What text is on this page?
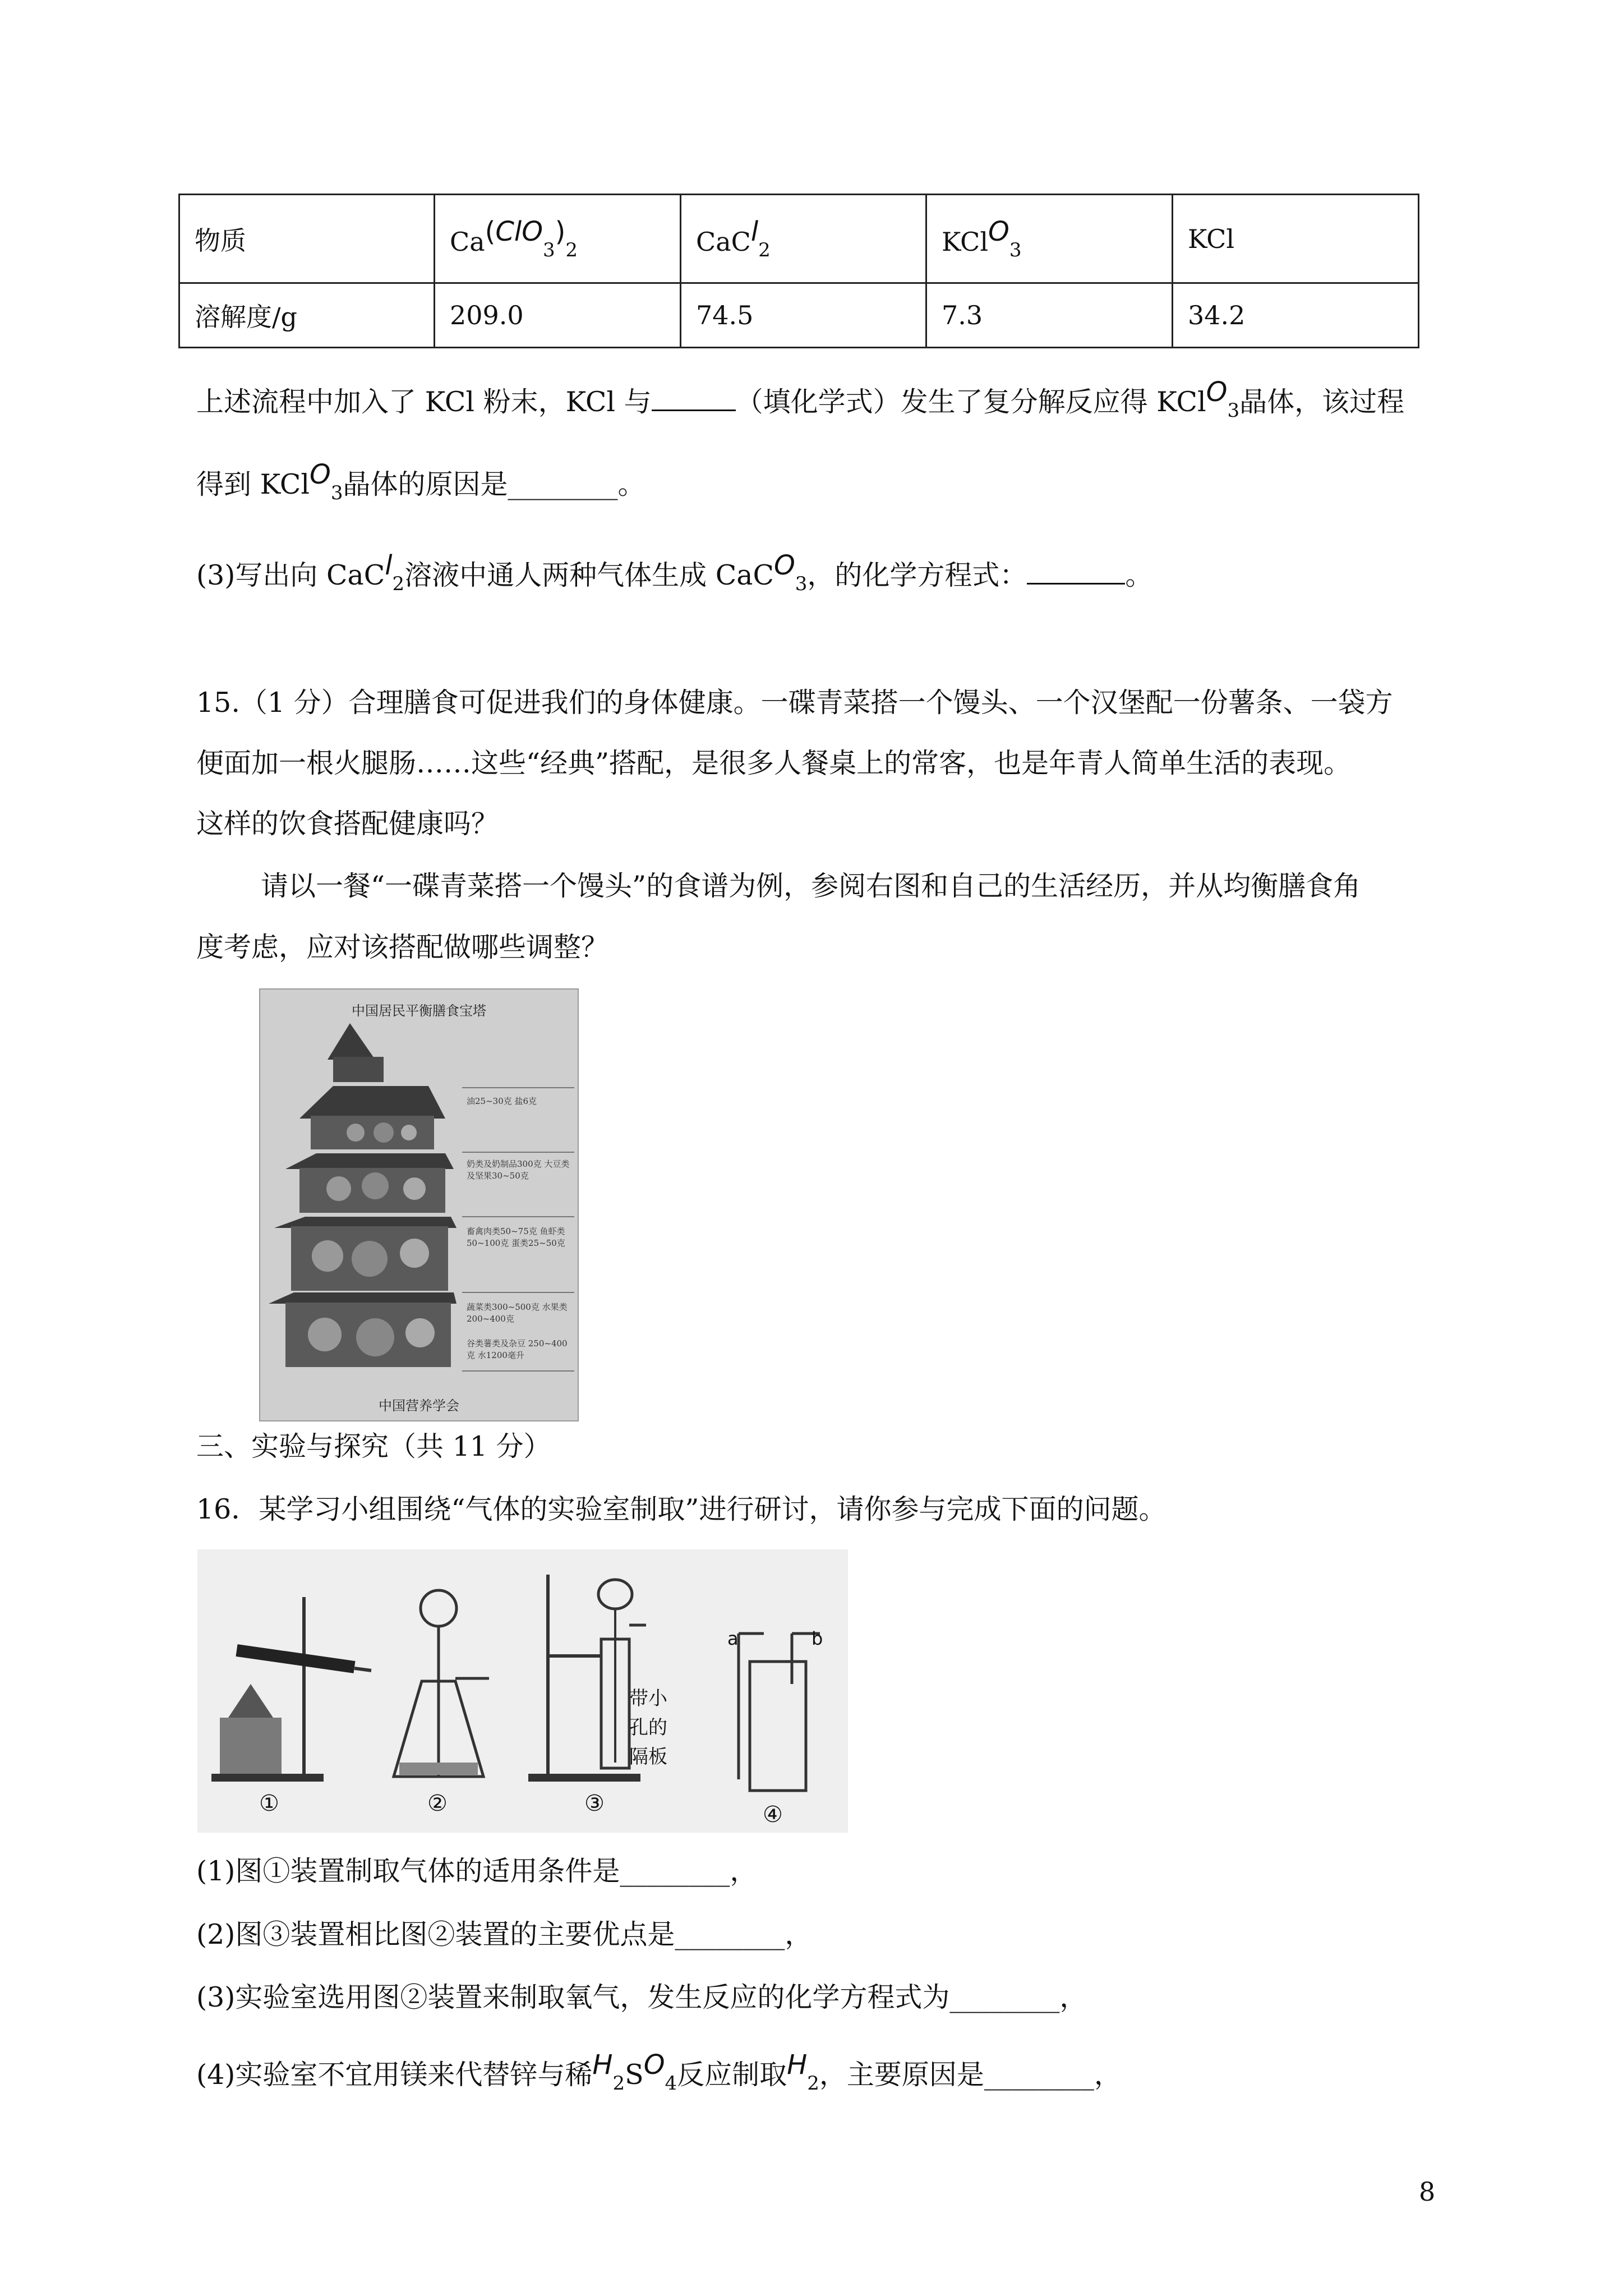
物质	$Ca(ClO_3)_2$	CaCl$_2$	KClO$_3$	KCl
溶解度/g	209.0	74.5	7.3	34.2
上述流程中加入了 KCl 粉末，KCl 与	（填化学式）发生了复分解反应得 KClO$_3$晶体，该过程
得到 KClO$_3$晶体的原因是________。
(3)写出向 CaCl$_2$溶液中通人两种气体生成 CaCO$_3$，的化学方程式：	。
15.（1 分）合理膳食可促进我们的身体健康。一碟青菜搭一个馒头、一个汉堡配一份薯条、一袋方
便面加一根火腿肠……这些“经典”搭配，是很多人餐桌上的常客，也是年青人简单生活的表现。
这样的饮食搭配健康吗？
请以一餐“一碟青菜搭一个馒头”的食谱为例，参阅右图和自己的生活经历，并从均衡膳食角
度考虑，应对该搭配做哪些调整？
中国居民平衡膳食宝塔
油25~30克 盐6克
奶类及奶制品300克 大豆类及坚果30~50克
畜禽肉类50~75克 鱼虾类50~100克 蛋类25~50克
蔬菜类300~500克 水果类200~400克
谷类薯类及杂豆 250~400克 水1200毫升
中国营养学会
三、实验与探究（共 11 分）
16．某学习小组围绕“气体的实验室制取”进行研讨，请你参与完成下面的问题。
①	②	③	④
带小
孔的
隔板
a	b
(1)图①装置制取气体的适用条件是________，
(2)图③装置相比图②装置的主要优点是________，
(3)实验室选用图②装置来制取氧气，发生反应的化学方程式为________，
(4)实验室不宜用镁来代替锌与稀$H_2SO_4$反应制取$H_2$，主要原因是________，
8
